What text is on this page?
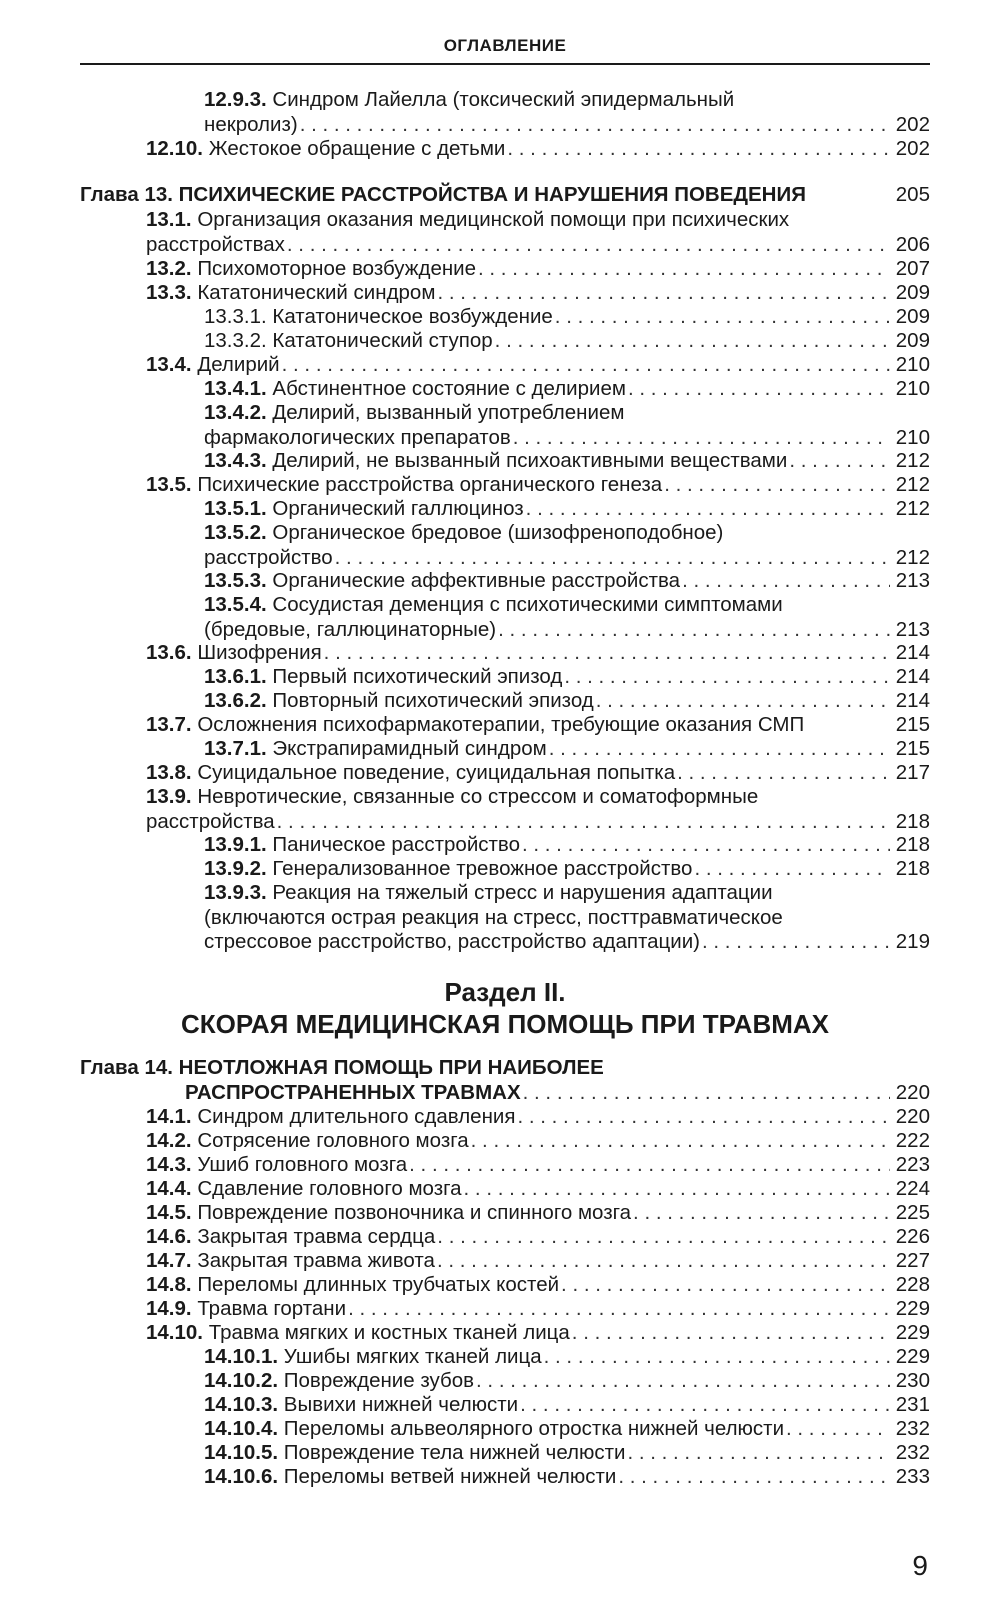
ОГЛАВЛЕНИЕ
12.9.3.
Синдром Лайелла (токсический эпидермальный
некролиз) . . .	202
12.10.
Жестокое обращение с детьми . . .	202
Глава 13.
ПСИХИЧЕСКИЕ РАССТРОЙСТВА И НАРУШЕНИЯ ПОВЕДЕНИЯ	205
13.1.
Организация оказания медицинской помощи при психических
расстройствах . . .	206
13.2.
Психомоторное возбуждение . . .	207
13.3.
Кататонический синдром . . .	209
13.3.1.
Кататоническое возбуждение . . .	209
13.3.2.
Кататонический ступор . . .	209
13.4.
Делирий . . .	210
13.4.1.
Абстинентное состояние с делирием . . .	210
13.4.2.
Делирий, вызванный употреблением
фармакологических препаратов . . .	210
13.4.3.
Делирий, не вызванный психоактивными веществами . . .	212
13.5.
Психические расстройства органического генеза . . .	212
13.5.1.
Органический галлюциноз . . .	212
13.5.2.
Органическое бредовое (шизофреноподобное)
расстройство . . .	212
13.5.3.
Органические аффективные расстройства . . .	213
13.5.4.
Сосудистая деменция с психотическими симптомами
(бредовые, галлюцинаторные) . . .	213
13.6.
Шизофрения . . .	214
13.6.1.
Первый психотический эпизод . . .	214
13.6.2.
Повторный психотический эпизод . . .	214
13.7.
Осложнения психофармакотерапии, требующие оказания СМП	215
13.7.1.
Экстрапирамидный синдром . . .	215
13.8.
Суицидальное поведение, суицидальная попытка . . .	217
13.9.
Невротические, связанные со стрессом и соматоформные
расстройства . . .	218
13.9.1.
Паническое расстройство . . .	218
13.9.2.
Генерализованное тревожное расстройство . . .	218
13.9.3.
Реакция на тяжелый стресс и нарушения адаптации
(включаются острая реакция на стресс, посттравматическое
стрессовое расстройство, расстройство адаптации) . . .	219
Раздел II.
СКОРАЯ МЕДИЦИНСКАЯ ПОМОЩЬ ПРИ ТРАВМАХ
Глава 14.
НЕОТЛОЖНАЯ ПОМОЩЬ ПРИ НАИБОЛЕЕ
РАСПРОСТРАНЕННЫХ ТРАВМАХ . . .	220
14.1.
Синдром длительного сдавления . . .	220
14.2.
Сотрясение головного мозга . . .	222
14.3.
Ушиб головного мозга . . .	223
14.4.
Сдавление головного мозга . . .	224
14.5.
Повреждение позвоночника и спинного мозга . . .	225
14.6.
Закрытая травма сердца . . .	226
14.7.
Закрытая травма живота . . .	227
14.8.
Переломы длинных трубчатых костей . . .	228
14.9.
Травма гортани . . .	229
14.10.
Травма мягких и костных тканей лица . . .	229
14.10.1.
Ушибы мягких тканей лица . . .	229
14.10.2.
Повреждение зубов . . .	230
14.10.3.
Вывихи нижней челюсти . . .	231
14.10.4.
Переломы альвеолярного отростка нижней челюсти . . .	232
14.10.5.
Повреждение тела нижней челюсти . . .	232
14.10.6.
Переломы ветвей нижней челюсти . . .	233
9
